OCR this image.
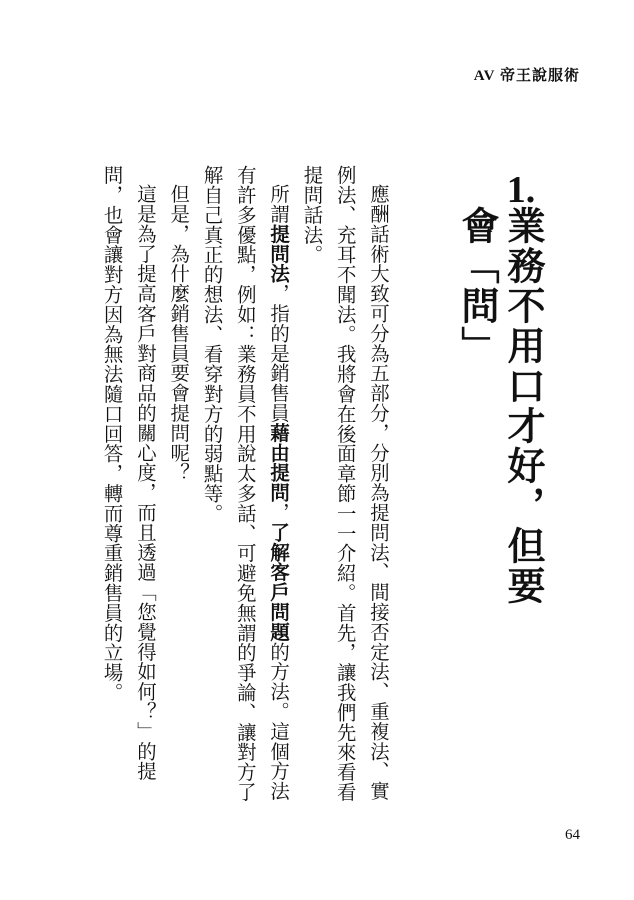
AV 帝王說服術
1.
業務不用口才好，但要會「問」

應酬話術大致可分為五部分，分別為提問法、間接否定法、重複法、實例法、充耳不聞法。我將會在後面章節一一介紹。首先，讓我們先來看看提問話法。

所謂提問法，指的是銷售員藉由提問，了解客戶問題的方法。這個方法有許多優點，例如：業務員不用說太多話、可避免無謂的爭論、讓對方了解自己真正的想法、看穿對方的弱點等。

但是，為什麼銷售員要會提問呢？

這是為了提高客戶對商品的關心度，而且透過「您覺得如何？」的提問，也會讓對方因為無法隨口回答，轉而尊重銷售員的立場。

64
